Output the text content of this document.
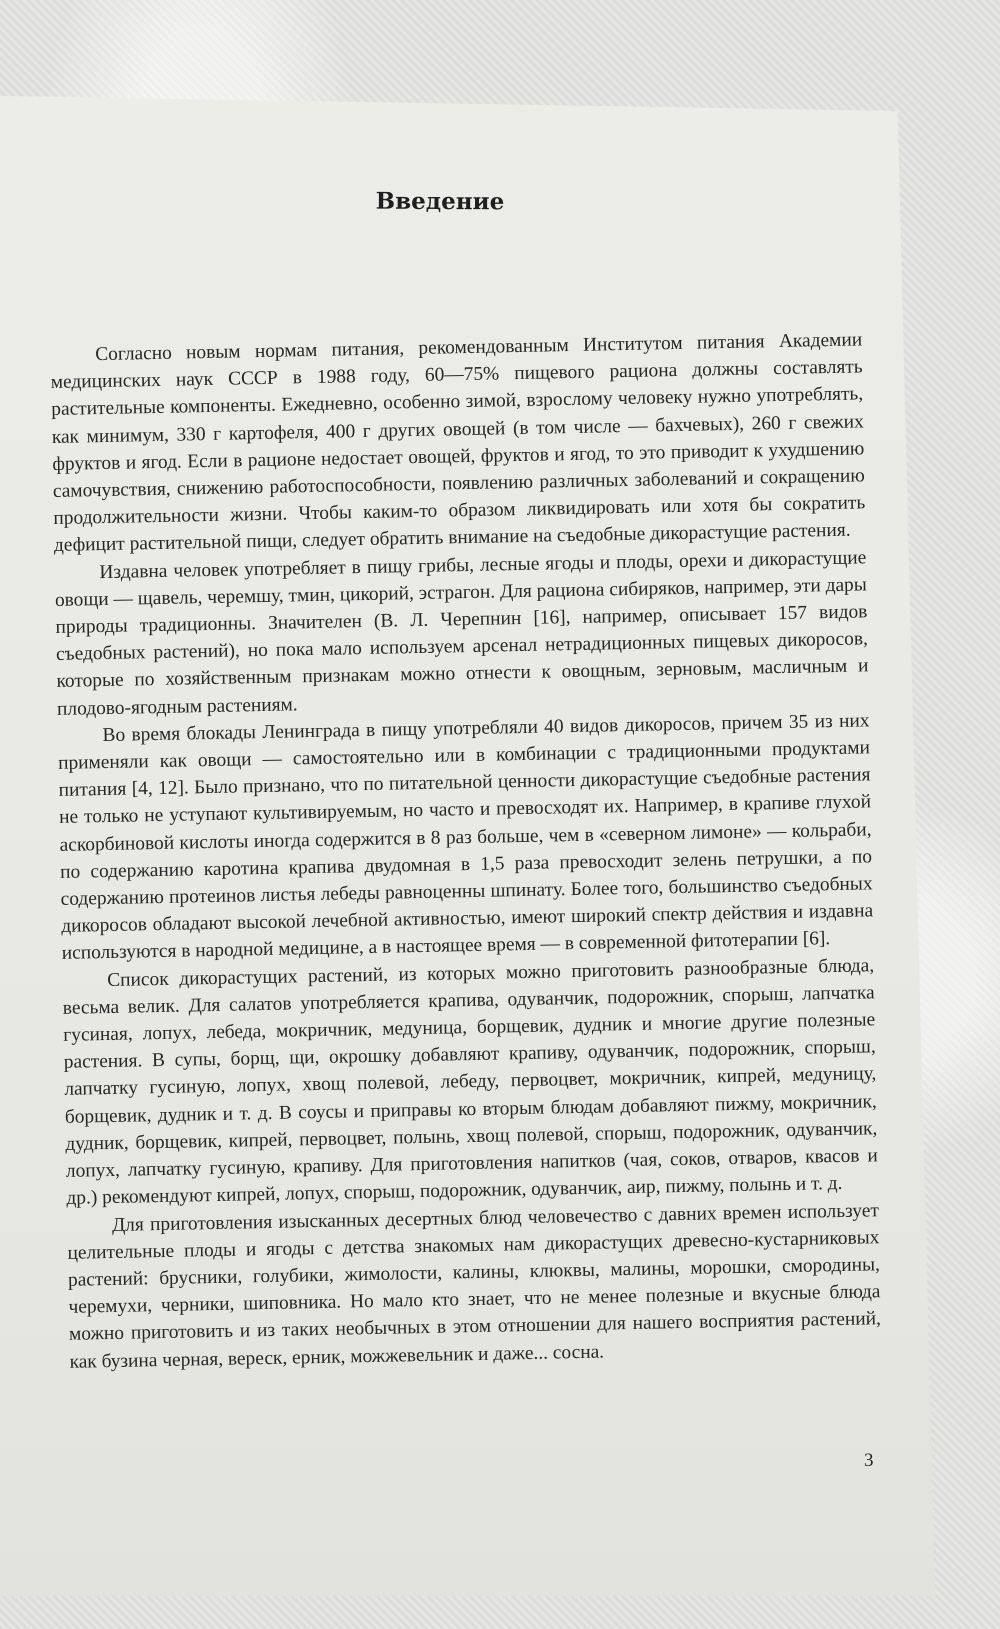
Введение

Согласно новым нормам питания, рекомендованным Институтом питания Академии медицинских наук СССР в 1988 году, 60—75% пищевого рациона должны составлять растительные компоненты. Ежедневно, особенно зимой, взрослому человеку нужно употреблять, как минимум, 330 г картофеля, 400 г других овощей (в том числе — бахчевых), 260 г свежих фруктов и ягод. Если в рационе недостает овощей, фруктов и ягод, то это приводит к ухудшению самочувствия, снижению работоспособности, появлению различных заболеваний и сокращению продолжительности жизни. Чтобы каким-то образом ликвидировать или хотя бы сократить дефицит растительной пищи, следует обратить внимание на съедобные дикорастущие растения.

Издавна человек употребляет в пищу грибы, лесные ягоды и плоды, орехи и дикорастущие овощи — щавель, черемшу, тмин, цикорий, эстрагон. Для рациона сибиряков, например, эти дары природы традиционны. Значителен (В. Л. Черепнин [16], например, описывает 157 видов съедобных растений), но пока мало используем арсенал нетрадиционных пищевых дикоросов, которые по хозяйственным признакам можно отнести к овощным, зерновым, масличным и плодово-ягодным растениям.

Во время блокады Ленинграда в пищу употребляли 40 видов дикоросов, причем 35 из них применяли как овощи — самостоятельно или в комбинации с традиционными продуктами питания [4, 12]. Было признано, что по питательной ценности дикорастущие съедобные растения не только не уступают культивируемым, но часто и превосходят их. Например, в крапиве глухой аскорбиновой кислоты иногда содержится в 8 раз больше, чем в «северном лимоне» — кольраби, по содержанию каротина крапива двудомная в 1,5 раза превосходит зелень петрушки, а по содержанию протеинов листья лебеды равноценны шпинату. Более того, большинство съедобных дикоросов обладают высокой лечебной активностью, имеют широкий спектр действия и издавна используются в народной медицине, а в настоящее время — в современной фитотерапии [6].

Список дикорастущих растений, из которых можно приготовить разнообразные блюда, весьма велик. Для салатов употребляется крапива, одуванчик, подорожник, спорыш, лапчатка гусиная, лопух, лебеда, мокричник, медуница, борщевик, дудник и многие другие полезные растения. В супы, борщ, щи, окрошку добавляют крапиву, одуванчик, подорожник, спорыш, лапчатку гусиную, лопух, хвощ полевой, лебеду, первоцвет, мокричник, кипрей, медуницу, борщевик, дудник и т. д. В соусы и приправы ко вторым блюдам добавляют пижму, мокричник, дудник, борщевик, кипрей, первоцвет, полынь, хвощ полевой, спорыш, подорожник, одуванчик, лопух, лапчатку гусиную, крапиву. Для приготовления напитков (чая, соков, отваров, квасов и др.) рекомендуют кипрей, лопух, спорыш, подорожник, одуванчик, аир, пижму, полынь и т. д.

Для приготовления изысканных десертных блюд человечество с давних времен использует целительные плоды и ягоды с детства знакомых нам дикорастущих древесно-кустарниковых растений: брусники, голубики, жимолости, калины, клюквы, малины, морошки, смородины, черемухи, черники, шиповника. Но мало кто знает, что не менее полезные и вкусные блюда можно приготовить и из таких необычных в этом отношении для нашего восприятия растений, как бузина черная, вереск, ерник, можжевельник и даже... сосна.

3
